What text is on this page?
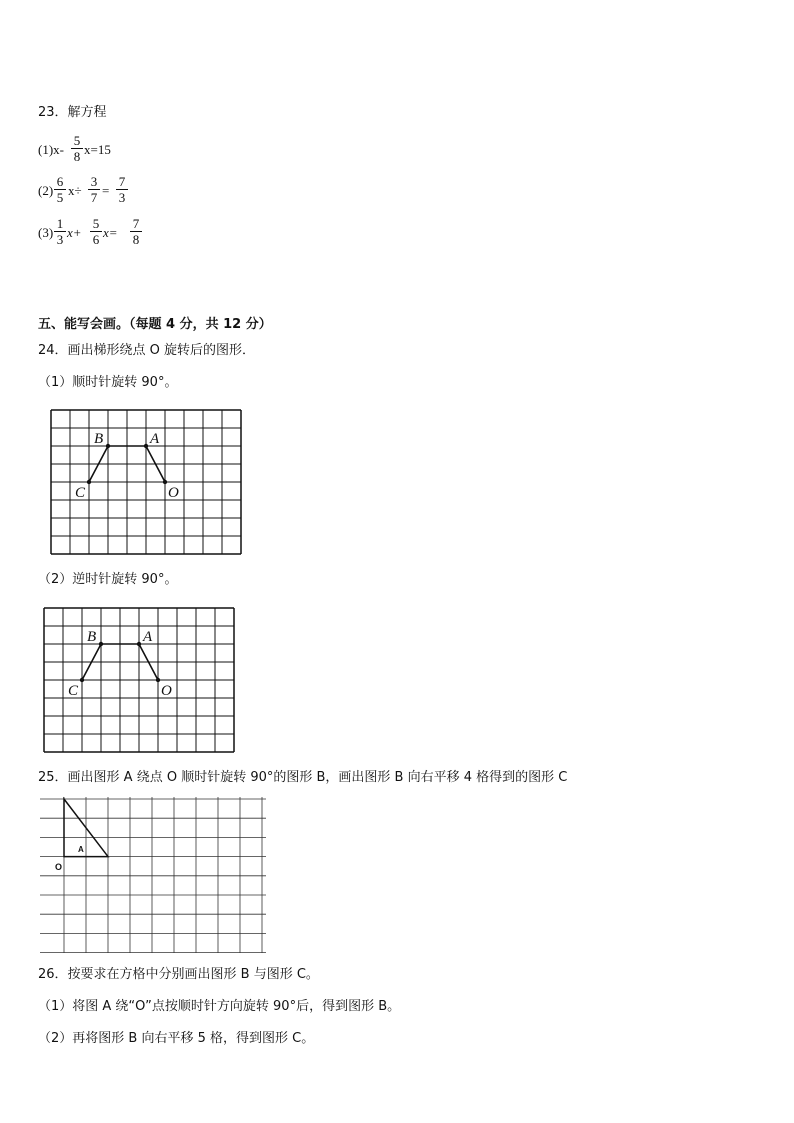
23．解方程
(1)x-
5
8 x=15
(2)
6
5 x÷
3
7 =
7
3
(3)
1
3 x+
5
6 x=
7
8
五、能写会画。（每题 4 分，共 12 分）
24．画出梯形绕点 O 旋转后的图形．
（1）顺时针旋转 90°。
B	A
C	O
（2）逆时针旋转 90°。
B	A
C	O
25．画出图形 A 绕点 O 顺时针旋转 90°的图形 B，画出图形 B 向右平移 4 格得到的图形 C
A
O
26．按要求在方格中分别画出图形 B 与图形 C。
（1）将图 A 绕“O”点按顺时针方向旋转 90°后，得到图形 B。
（2）再将图形 B 向右平移 5 格，得到图形 C。
